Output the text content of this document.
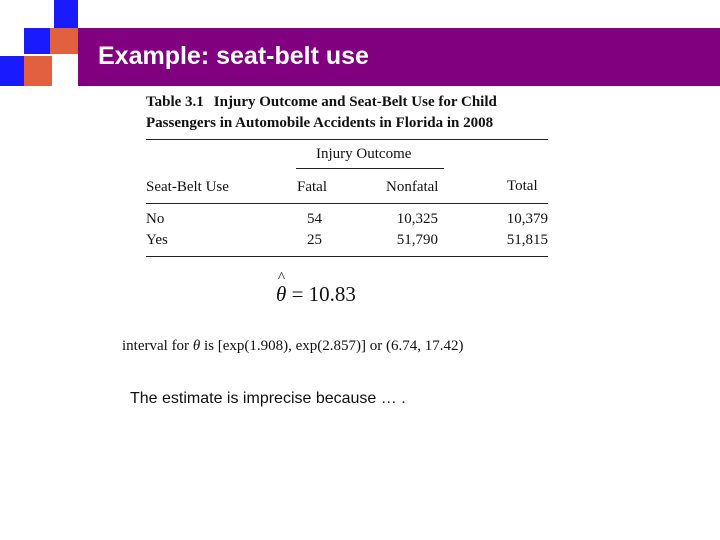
Example: seat-belt use
Table 3.1 Injury Outcome and Seat-Belt Use for Child
Passengers in Automobile Accidents in Florida in 2008
Injury Outcome
Seat-Belt Use	Fatal	Nonfatal	Total
No	54	10,325	10,379
Yes	25	51,790	51,815
^ θ = 10.83
interval for θ is [exp(1.908), exp(2.857)] or (6.74, 17.42)
The estimate is imprecise because … .
